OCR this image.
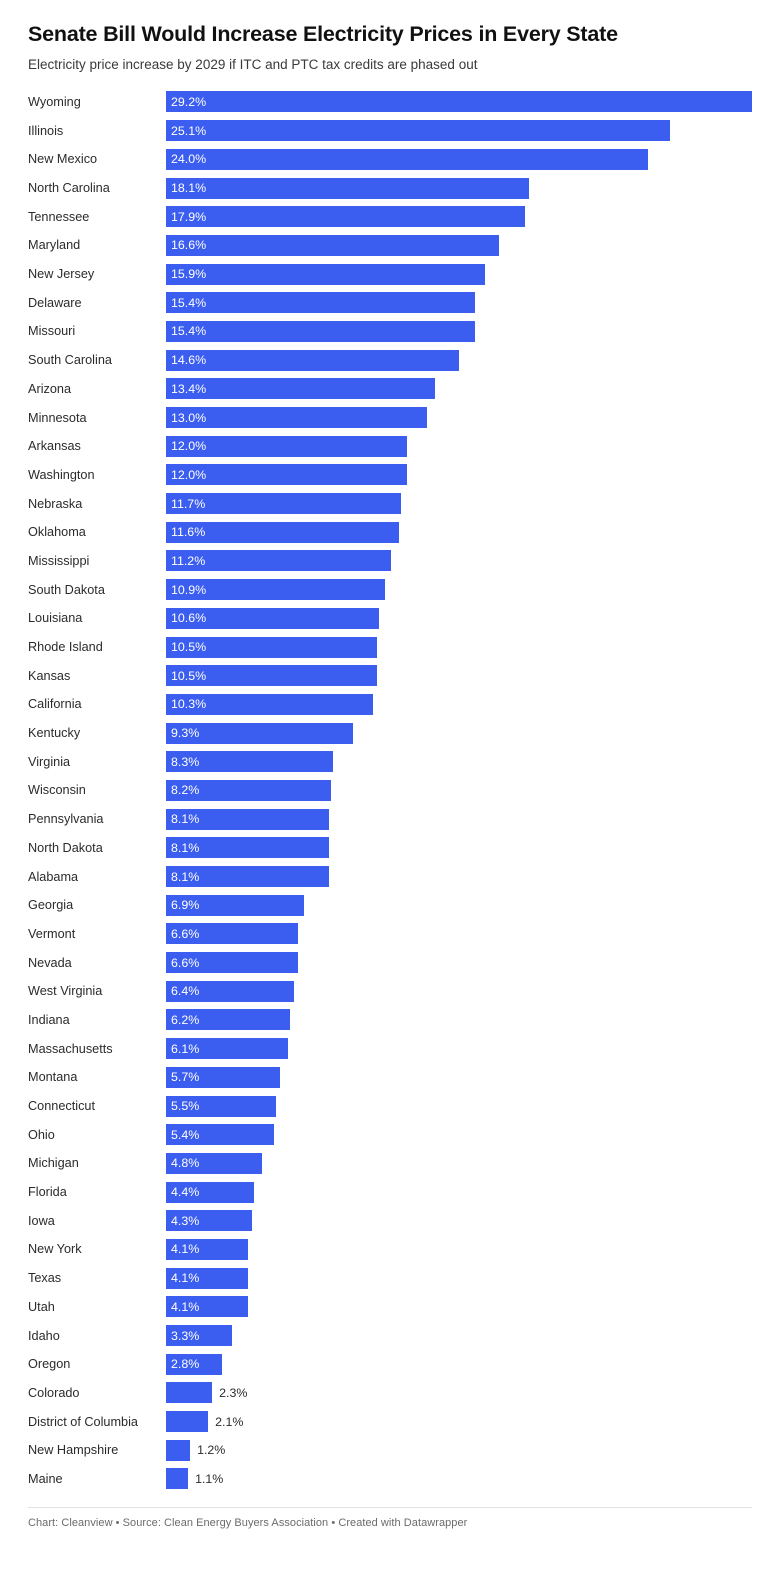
Senate Bill Would Increase Electricity Prices in Every State

Electricity price increase by 2029 if ITC and PTC tax credits are phased out

Wyoming	29.2%
Illinois	25.1%
New Mexico	24.0%
North Carolina	18.1%
Tennessee	17.9%
Maryland	16.6%
New Jersey	15.9%
Delaware	15.4%
Missouri	15.4%
South Carolina	14.6%
Arizona	13.4%
Minnesota	13.0%
Arkansas	12.0%
Washington	12.0%
Nebraska	11.7%
Oklahoma	11.6%
Mississippi	11.2%
South Dakota	10.9%
Louisiana	10.6%
Rhode Island	10.5%
Kansas	10.5%
California	10.3%
Kentucky	9.3%
Virginia	8.3%
Wisconsin	8.2%
Pennsylvania	8.1%
North Dakota	8.1%
Alabama	8.1%
Georgia	6.9%
Vermont	6.6%
Nevada	6.6%
West Virginia	6.4%
Indiana	6.2%
Massachusetts	6.1%
Montana	5.7%
Connecticut	5.5%
Ohio	5.4%
Michigan	4.8%
Florida	4.4%
Iowa	4.3%
New York	4.1%
Texas	4.1%
Utah	4.1%
Idaho	3.3%
Oregon	2.8%
Colorado	2.3%
District of Columbia	2.1%
New Hampshire	1.2%
Maine	1.1%
Chart: Cleanview • Source: Clean Energy Buyers Association • Created with Datawrapper
